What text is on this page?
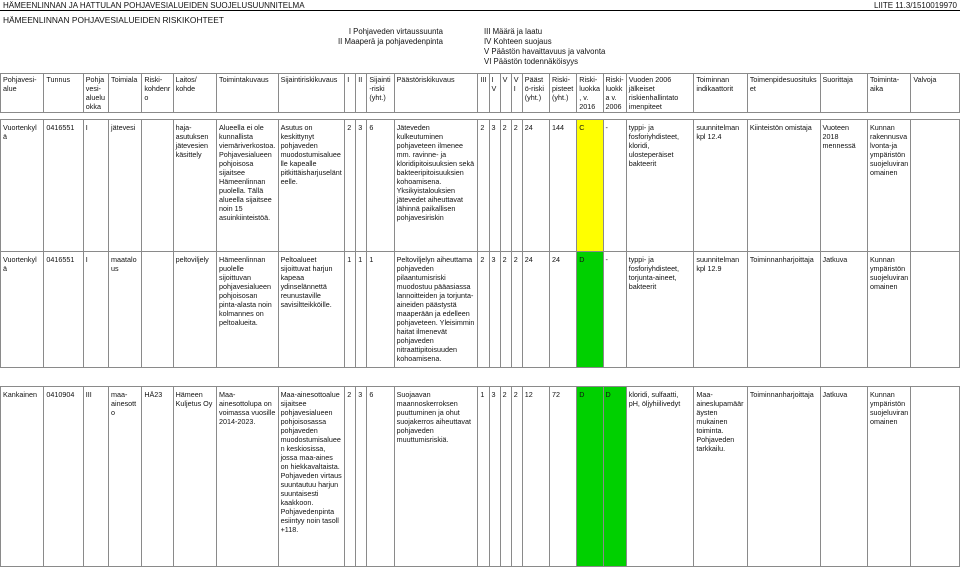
HÄMEENLINNAN JA HATTULAN POHJAVESIALUEIDEN SUOJELUSUUNNITELMA	LIITE 11.3/1510019970
HÄMEENLINNAN POHJAVESIALUEIDEN RISKIKOHTEET
I Pohjaveden virtaussuunta
II Maaperä ja pohjavedenpinta
III Määrä ja laatu
IV Kohteen suojaus
V Päästön havaittavuus ja valvonta
VI Päästön todennäköisyys
Pohjavesi-alue	Tunnus	Pohja vesi-aluelu okka	Toimiala	Riski-kohdenro	Laitos/ kohde	Toimintakuvaus	Sijaintiriskikuvaus	I	II	Sijainti-riski (yht.)	Päästöriskikuvaus	III	IV	V	VI	Päästö-riski (yht.)	Riski-pisteet (yht.)	Riski-luokka, v. 2016	Riski-luokka v. 2006	Vuoden 2006 jälkeiset riskienhallintato imenpiteet	Toiminnan indikaattorit	Toimenpidesuositukset	Suorittaja	Toiminta-aika	Valvoja

Vuortenkyl ä	0416551	I	jätevesi		haja-asutuksen jätevesien käsittely	Alueella ei ole kunnallista viemäriverkostoa. Pohjavesialueen pohjoisosa sijaitsee Hämeenlinnan puolella. Tällä alueella sijaitsee noin 15 asuinkiinteistöä.	Asutus on keskittynyt pohjaveden muodostumisalueelle kapealle pitkittäisharjuselänteelle.	2	3	6	Jäteveden kulkeutuminen pohjaveteen ilmenee mm. ravinne- ja kloridipitoisuuksien sekä bakteeripitoisuuksien kohoamisena. Yksikyistalouksien jätevedet aiheuttavat lähinnä paikallisen pohjavesiriskin	2	3	2	2	24	144	C	-	typpi- ja fosforiyhdisteet, kloridi, ulosteperäiset bakteerit	suunnitelman kpl 12.4	Kiinteistön omistaja	Vuoteen 2018 mennessä	Kunnan rakennusvalvonta-ja ympäristön suojeluviranomainen	
Vuortenkyl ä	0416551	I	maatalous		peltoviljely	Hämeenlinnan puolelle sijoittuvan pohjavesialueen pohjoisosan pinta-alasta noin kolmannes on peltoalueita.	Peltoalueet sijoittuvat harjun kapeaa ydinselännettä reunustaville savisiltteikköille.	1	1	1	Peltoviljelyn aiheuttama pohjaveden pilaantumisriski muodostuu pääasiassa lannoitteiden ja torjunta-aineiden päästystä maaperään ja edelleen pohjaveteen. Yleisimmin haitat ilmenevät pohjaveden nitraattipitoisuuden kohoamisena.	2	3	2	2	24	24	D	-	typpi- ja fosforiyhdisteet, torjunta-aineet, bakteerit	suunnitelman kpl 12.9	Toiminnanharjoittaja	Jatkuva	Kunnan ympäristön suojeluviranomainen	

Kankainen	0410904	III	maa-ainesotto	HÄ23	Hämeen Kuljetus Oy	Maa-ainesottolupa on voimassa vuosille 2014-2023.	Maa-ainesottoalue sijaitsee pohjavesialueen pohjoisosassa pohjaveden muodostumisalueen keskiosissa, jossa maa-aines on hiekkavaltaista. Pohjaveden virtaus suuntautuu harjun suuntaisesti kaakkoon. Pohjavedenpinta esiintyy noin tasoll +118.	2	3	6	Suojaavan maannoskerroksen puuttuminen ja ohut suojakerros aiheuttavat pohjaveden muuttumisriskiä.	1	3	2	2	12	72	D	D	kloridi, sulfaatti, pH, öljyhiilivedyt	Maa-aineslupamääräysten mukainen toiminta. Pohjaveden tarkkailu.	Toiminnanharjoittaja	Jatkuva	Kunnan ympäristön suojeluviranomainen	
